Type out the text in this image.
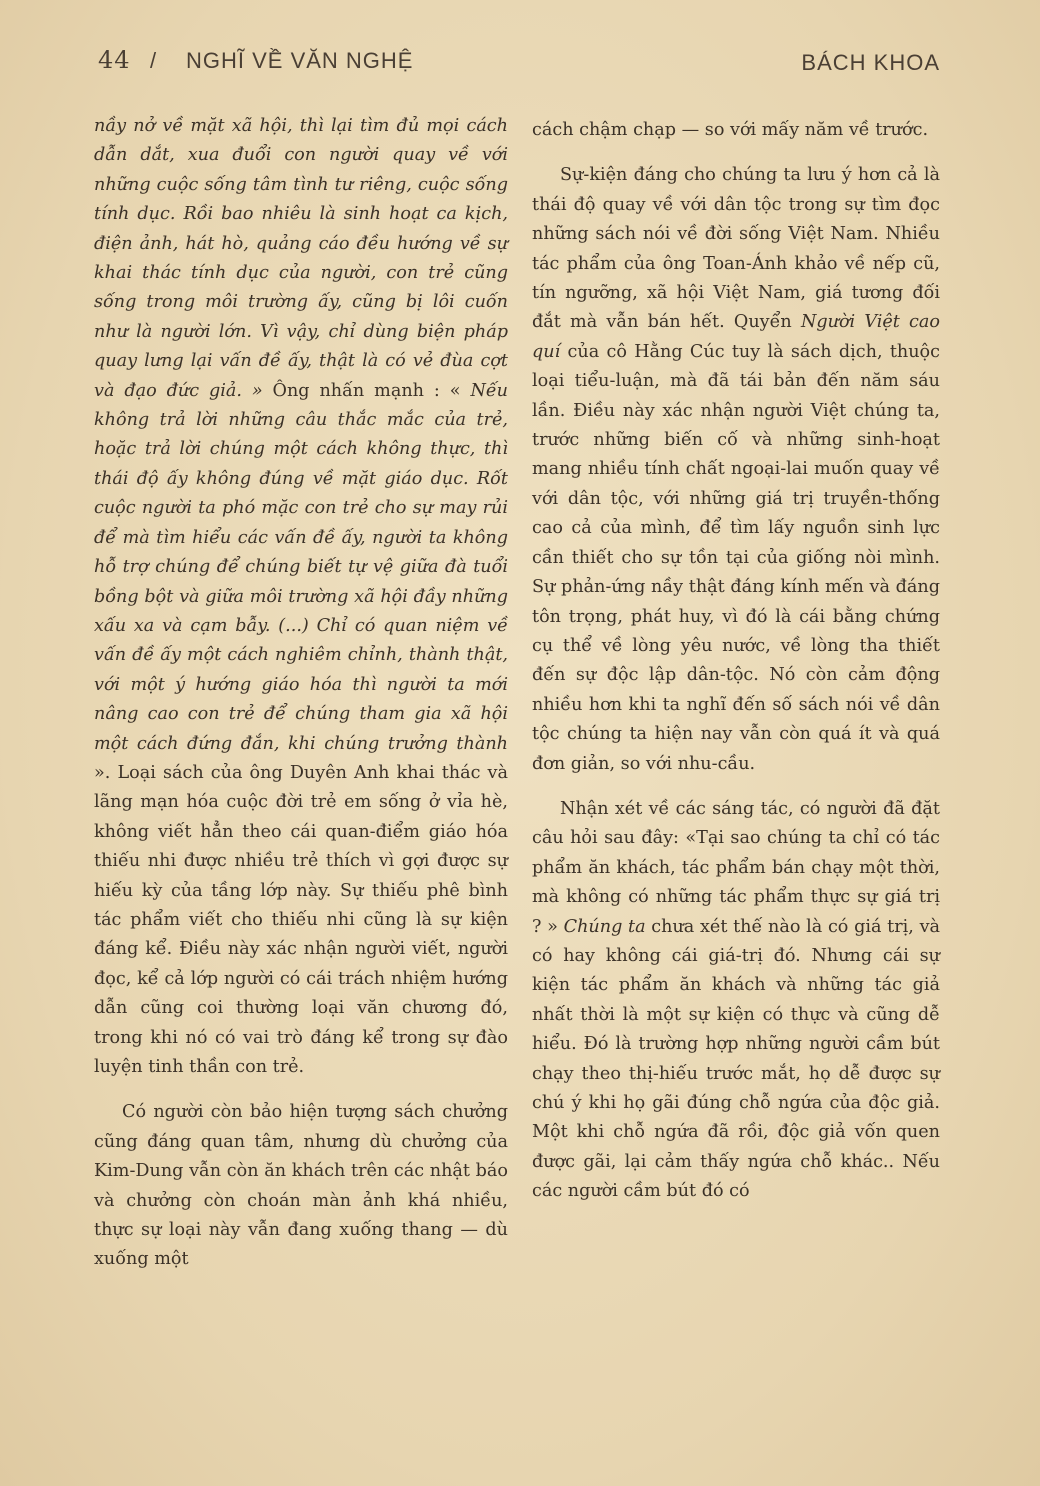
44 / NGHĨ VỀ VĂN NGHỆ	BÁCH KHOA

nầy nở về mặt xã hội, thì lại tìm đủ mọi cách dẫn dắt, xua đuổi con người quay về với những cuộc sống tâm tình tư riêng, cuộc sống tính dục. Rồi bao nhiêu là sinh hoạt ca kịch, điện ảnh, hát hò, quảng cáo đều hướng về sự khai thác tính dục của người, con trẻ cũng sống trong môi trường ấy, cũng bị lôi cuốn như là người lớn. Vì vậy, chỉ dùng biện pháp quay lưng lại vấn đề ấy, thật là có vẻ đùa cợt và đạo đức giả. » Ông nhấn mạnh : « Nếu không trả lời những câu thắc mắc của trẻ, hoặc trả lời chúng một cách không thực, thì thái độ ấy không đúng về mặt giáo dục. Rốt cuộc người ta phó mặc con trẻ cho sự may rủi để mà tìm hiểu các vấn đề ấy, người ta không hỗ trợ chúng để chúng biết tự vệ giữa đà tuổi bồng bột và giữa môi trường xã hội đầy những xấu xa và cạm bẫy. (...) Chỉ có quan niệm về vấn đề ấy một cách nghiêm chỉnh, thành thật, với một ý hướng giáo hóa thì người ta mới nâng cao con trẻ để chúng tham gia xã hội một cách đứng đắn, khi chúng trưởng thành ». Loại sách của ông Duyên Anh khai thác và lãng mạn hóa cuộc đời trẻ em sống ở vỉa hè, không viết hẳn theo cái quan-điểm giáo hóa thiếu nhi được nhiều trẻ thích vì gợi được sự hiếu kỳ của tầng lớp này. Sự thiếu phê bình tác phẩm viết cho thiếu nhi cũng là sự kiện đáng kể. Điều này xác nhận người viết, người đọc, kể cả lớp người có cái trách nhiệm hướng dẫn cũng coi thường loại văn chương đó, trong khi nó có vai trò đáng kể trong sự đào luyện tinh thần con trẻ.

Có người còn bảo hiện tượng sách chưởng cũng đáng quan tâm, nhưng dù chưởng của Kim-Dung vẫn còn ăn khách trên các nhật báo và chưởng còn choán màn ảnh khá nhiều, thực sự loại này vẫn đang xuống thang — dù xuống một

cách chậm chạp — so với mấy năm về trước.

Sự-kiện đáng cho chúng ta lưu ý hơn cả là thái độ quay về với dân tộc trong sự tìm đọc những sách nói về đời sống Việt Nam. Nhiều tác phẩm của ông Toan-Ánh khảo về nếp cũ, tín ngưỡng, xã hội Việt Nam, giá tương đối đắt mà vẫn bán hết. Quyển Người Việt cao quí của cô Hằng Cúc tuy là sách dịch, thuộc loại tiểu-luận, mà đã tái bản đến năm sáu lần. Điều này xác nhận người Việt chúng ta, trước những biến cố và những sinh-hoạt mang nhiều tính chất ngoại-lai muốn quay về với dân tộc, với những giá trị truyền-thống cao cả của mình, để tìm lấy nguồn sinh lực cần thiết cho sự tồn tại của giống nòi mình. Sự phản-ứng nầy thật đáng kính mến và đáng tôn trọng, phát huy, vì đó là cái bằng chứng cụ thể về lòng yêu nước, về lòng tha thiết đến sự độc lập dân-tộc. Nó còn cảm động nhiều hơn khi ta nghĩ đến số sách nói về dân tộc chúng ta hiện nay vẫn còn quá ít và quá đơn giản, so với nhu-cầu.

Nhận xét về các sáng tác, có người đã đặt câu hỏi sau đây: «Tại sao chúng ta chỉ có tác phẩm ăn khách, tác phẩm bán chạy một thời, mà không có những tác phẩm thực sự giá trị ? » Chúng ta chưa xét thế nào là có giá trị, và có hay không cái giá-trị đó. Nhưng cái sự kiện tác phẩm ăn khách và những tác giả nhất thời là một sự kiện có thực và cũng dễ hiểu. Đó là trường hợp những người cầm bút chạy theo thị-hiếu trước mắt, họ dễ được sự chú ý khi họ gãi đúng chỗ ngứa của độc giả. Một khi chỗ ngứa đã rồi, độc giả vốn quen được gãi, lại cảm thấy ngứa chỗ khác.. Nếu các người cầm bút đó có
